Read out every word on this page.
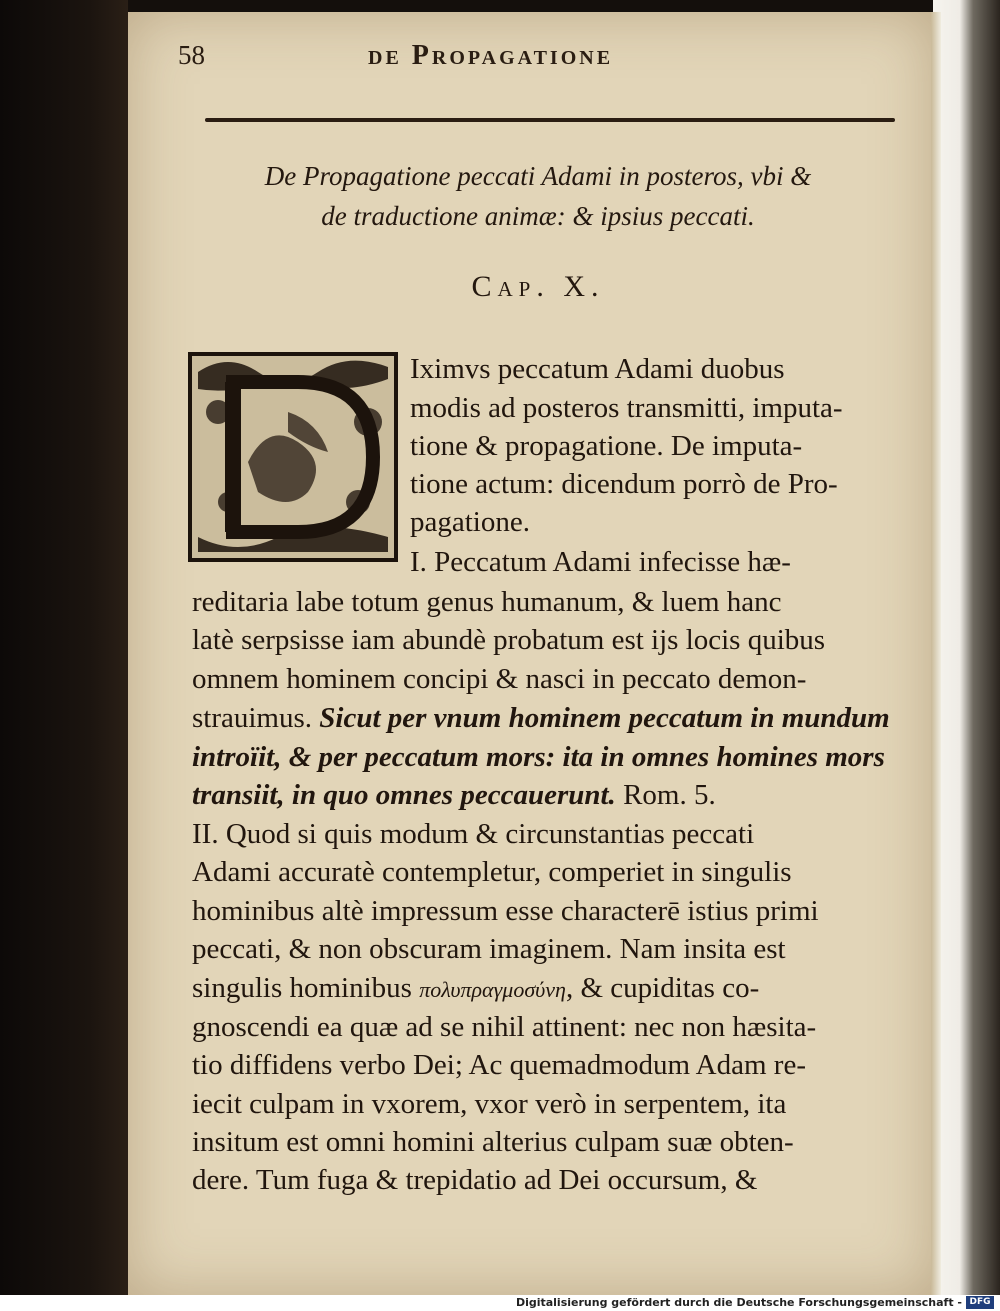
58	de Propagatione
De Propagatione peccati Adami in posteros, vbi &
de traductione animæ: & ipsius peccati.
Cap. X.
Iximvs peccatum Adami duobus
modis ad posteros transmitti, imputa-
tione & propagatione. De imputa-
tione actum: dicendum porrò de Pro-
pagatione.
I. Peccatum Adami infecisse hæ-
reditaria labe totum genus humanum, & luem hanc
latè serpsisse iam abundè probatum est ijs locis quibus
omnem hominem concipi & nasci in peccato demon-
strauimus. Sicut per vnum hominem peccatum in mundum
introïit, & per peccatum mors: ita in omnes homines mors
transiit, in quo omnes peccauerunt. Rom. 5.
II. Quod si quis modum & circunstantias peccati
Adami accuratè contempletur, comperiet in singulis
hominibus altè impressum esse characterē istius primi
peccati, & non obscuram imaginem. Nam insita est
singulis hominibus πολυπραγμοσύνη, & cupiditas co-
gnoscendi ea quæ ad se nihil attinent: nec non hæsita-
tio diffidens verbo Dei; Ac quemadmodum Adam re-
iecit culpam in vxorem, vxor verò in serpentem, ita
insitum est omni homini alterius culpam suæ obten-
dere. Tum fuga & trepidatio ad Dei occursum, &
Digitalisierung gefördert durch die Deutsche Forschungsgemeinschaft - DFG
